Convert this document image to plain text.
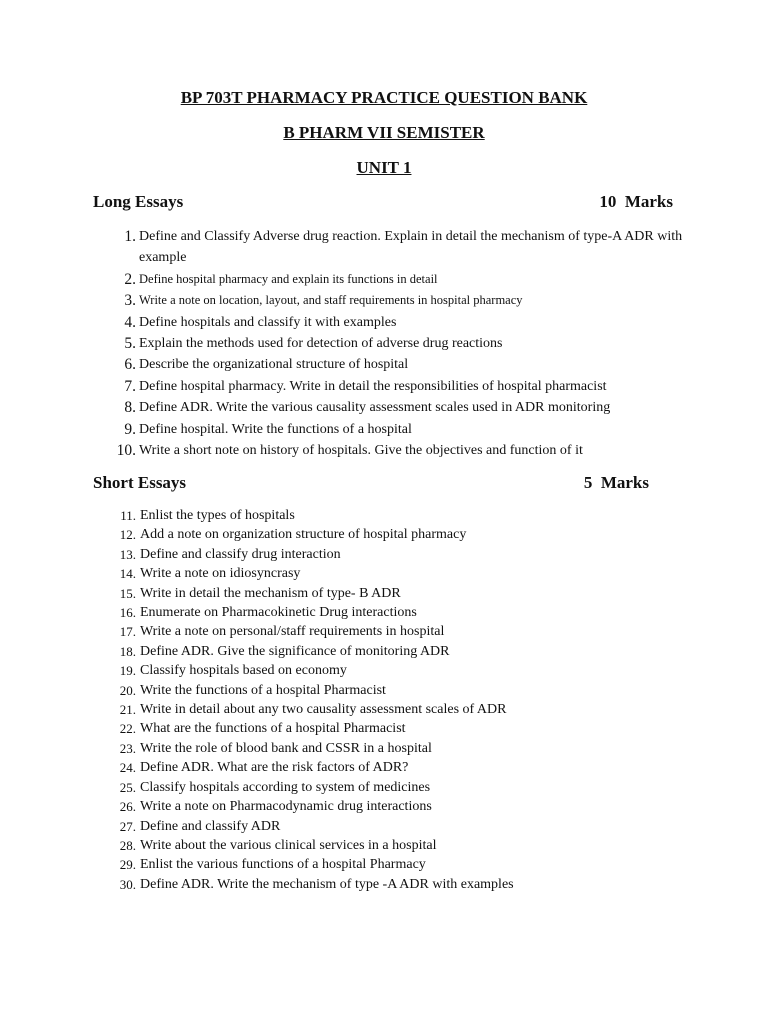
BP 703T PHARMACY PRACTICE QUESTION BANK
B PHARM VII SEMISTER
UNIT 1
Long Essays	10  Marks
1. Define and Classify Adverse drug reaction. Explain in detail the mechanism of type-A ADR with example
2. Define hospital pharmacy and explain its functions in detail
3. Write a note on location, layout, and staff requirements in hospital pharmacy
4. Define hospitals and classify it with examples
5. Explain the methods used for detection of adverse drug reactions
6. Describe the organizational structure of hospital
7. Define hospital pharmacy. Write in detail the responsibilities of hospital pharmacist
8. Define ADR. Write the various causality assessment scales used in ADR monitoring
9. Define hospital. Write the functions of a hospital
10. Write a short note on history of hospitals. Give the objectives and function of it
Short Essays	5  Marks
11. Enlist the types of hospitals
12. Add a note on organization structure of hospital pharmacy
13. Define and classify drug interaction
14. Write a note on idiosyncrasy
15. Write in detail the mechanism of type- B ADR
16. Enumerate on Pharmacokinetic Drug interactions
17. Write a note on personal/staff requirements in hospital
18. Define ADR. Give the significance of monitoring ADR
19. Classify hospitals based on economy
20. Write the functions of a hospital Pharmacist
21. Write in detail about any two causality assessment scales of ADR
22. What are the functions of a hospital Pharmacist
23. Write the role of blood bank and CSSR in a hospital
24. Define ADR. What are the risk factors of ADR?
25. Classify hospitals according to system of medicines
26. Write a note on Pharmacodynamic drug interactions
27. Define and classify ADR
28. Write about the various clinical services in a hospital
29. Enlist the various functions of a hospital Pharmacy
30. Define ADR. Write the mechanism of type -A ADR with examples
